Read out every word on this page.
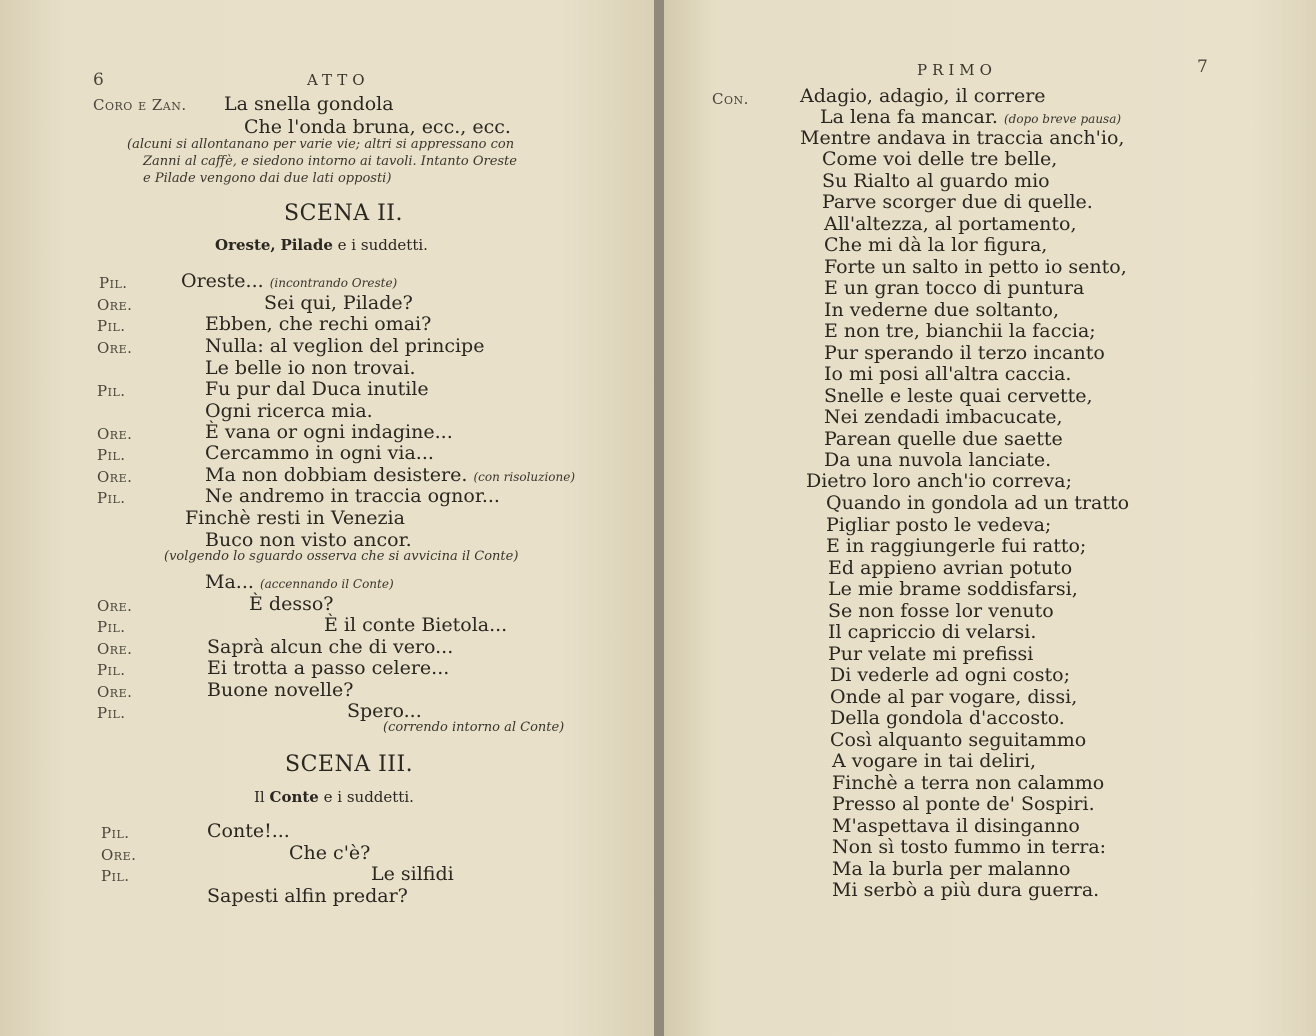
6	ATTO
Coro e Zan. La snella gondola
Che l'onda bruna, ecc., ecc.
(alcuni si allontanano per varie vie; altri si appressano con
Zanni al caffè, e siedono intorno ai tavoli. Intanto Oreste
e Pilade vengono dai due lati opposti)
SCENA II.
Oreste, Pilade e i suddetti.
Pil.	Oreste... (incontrando Oreste)
Ore.	Sei qui, Pilade?
Pil.	Ebben, che rechi omai?
Ore.	Nulla: al veglion del principe
Le belle io non trovai.
Pil.	Fu pur dal Duca inutile
Ogni ricerca mia.
Ore.	È vana or ogni indagine...
Pil.	Cercammo in ogni via...
Ore.	Ma non dobbiam desistere. (con risoluzione)
Pil.	Ne andremo in traccia ognor...
Finchè resti in Venezia
Buco non visto ancor.
(volgendo lo sguardo osserva che si avvicina il Conte)
Ma... (accennando il Conte)
Ore.	È desso?
Pil.	È il conte Bietola...
Ore.	Saprà alcun che di vero...
Pil.	Ei trotta a passo celere...
Ore.	Buone novelle?
Pil.	Spero...
(correndo intorno al Conte)
SCENA III.
Il Conte e i suddetti.
Pil.	Conte!...
Ore.	Che c'è?
Pil.	Le silfidi
Sapesti alfin predar?
PRIMO	7
Con.	Adagio, adagio, il correre
La lena fa mancar. (dopo breve pausa)
Mentre andava in traccia anch'io,
Come voi delle tre belle,
Su Rialto al guardo mio
Parve scorger due di quelle.
All'altezza, al portamento,
Che mi dà la lor figura,
Forte un salto in petto io sento,
E un gran tocco di puntura
In vederne due soltanto,
E non tre, bianchii la faccia;
Pur sperando il terzo incanto
Io mi posi all'altra caccia.
Snelle e leste quai cervette,
Nei zendadi imbacucate,
Parean quelle due saette
Da una nuvola lanciate.
Dietro loro anch'io correva;
Quando in gondola ad un tratto
Pigliar posto le vedeva;
E in raggiungerle fui ratto;
Ed appieno avrian potuto
Le mie brame soddisfarsi,
Se non fosse lor venuto
Il capriccio di velarsi.
Pur velate mi prefissi
Di vederle ad ogni costo;
Onde al par vogare, dissi,
Della gondola d'accosto.
Così alquanto seguitammo
A vogare in tai deliri,
Finchè a terra non calammo
Presso al ponte de' Sospiri.
M'aspettava il disinganno
Non sì tosto fummo in terra:
Ma la burla per malanno
Mi serbò a più dura guerra.
